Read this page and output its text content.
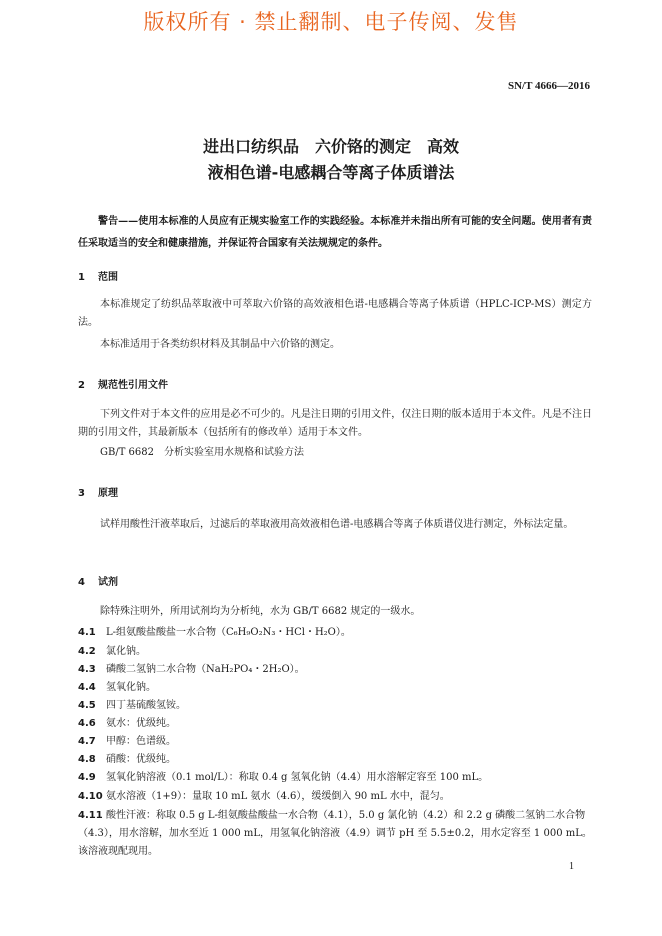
版权所有 · 禁止翻制、电子传阅、发售
SN/T 4666—2016
进出口纺织品　六价铬的测定　高效
液相色谱-电感耦合等离子体质谱法
警告——使用本标准的人员应有正规实验室工作的实践经验。本标准并未指出所有可能的安全问题。使用者有责任采取适当的安全和健康措施，并保证符合国家有关法规规定的条件。
1 范围
本标准规定了纺织品萃取液中可萃取六价铬的高效液相色谱-电感耦合等离子体质谱（HPLC-ICP-MS）测定方法。
本标准适用于各类纺织材料及其制品中六价铬的测定。
2 规范性引用文件
下列文件对于本文件的应用是必不可少的。凡是注日期的引用文件，仅注日期的版本适用于本文件。凡是不注日期的引用文件，其最新版本（包括所有的修改单）适用于本文件。
GB/T 6682　分析实验室用水规格和试验方法
3 原理
试样用酸性汗液萃取后，过滤后的萃取液用高效液相色谱-电感耦合等离子体质谱仪进行测定，外标法定量。
4 试剂
除特殊注明外，所用试剂均为分析纯，水为 GB/T 6682 规定的一级水。
4.1 L-组氨酸盐酸盐一水合物（C₆H₉O₂N₃・HCl・H₂O）。
4.2 氯化钠。
4.3 磷酸二氢钠二水合物（NaH₂PO₄・2H₂O）。
4.4 氢氧化钠。
4.5 四丁基硫酸氢铵。
4.6 氨水：优级纯。
4.7 甲醇：色谱级。
4.8 硝酸：优级纯。
4.9 氢氧化钠溶液（0.1 mol/L）：称取 0.4 g 氢氧化钠（4.4）用水溶解定容至 100 mL。
4.10 氨水溶液（1+9）：量取 10 mL 氨水（4.6），缓缓倒入 90 mL 水中，混匀。
4.11 酸性汗液：称取 0.5 g L-组氨酸盐酸盐一水合物（4.1），5.0 g 氯化钠（4.2）和 2.2 g 磷酸二氢钠二水合物（4.3），用水溶解，加水至近 1 000 mL，用氢氧化钠溶液（4.9）调节 pH 至 5.5±0.2，用水定容至 1 000 mL。该溶液现配现用。
1
